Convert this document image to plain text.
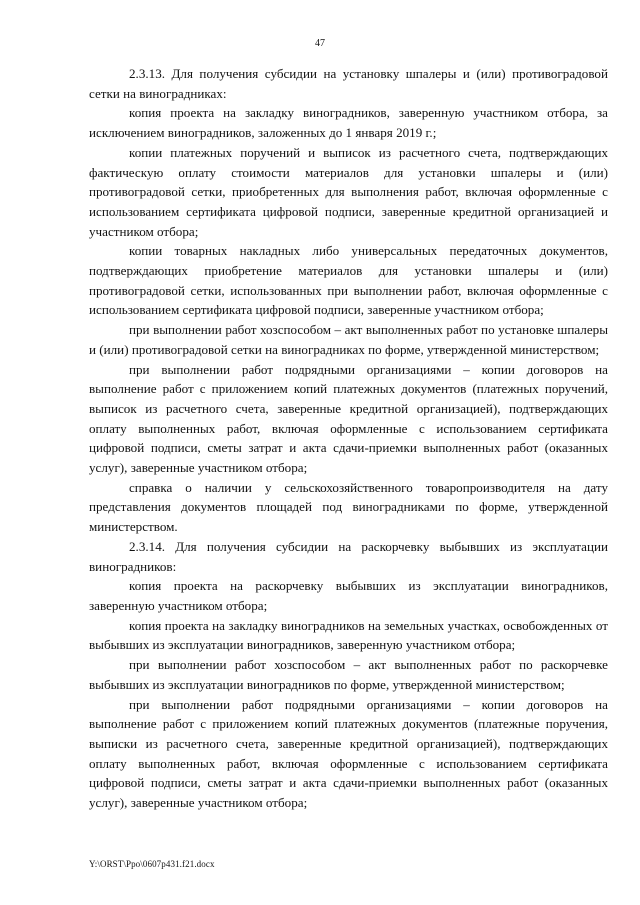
47

2.3.13. Для получения субсидии на установку шпалеры и (или) противоградовой сетки на виноградниках:

копия проекта на закладку виноградников, заверенную участником отбора, за исключением виноградников, заложенных до 1 января 2019 г.;

копии платежных поручений и выписок из расчетного счета, подтверждающих фактическую оплату стоимости материалов для установки шпалеры и (или) противоградовой сетки, приобретенных для выполнения работ, включая оформленные с использованием сертификата цифровой подписи, заверенные кредитной организацией и участником отбора;

копии товарных накладных либо универсальных передаточных документов, подтверждающих приобретение материалов для установки шпалеры и (или) противоградовой сетки, использованных при выполнении работ, включая оформленные с использованием сертификата цифровой подписи, заверенные участником отбора;

при выполнении работ хозспособом – акт выполненных работ по установке шпалеры и (или) противоградовой сетки на виноградниках по форме, утвержденной министерством;

при выполнении работ подрядными организациями – копии договоров на выполнение работ с приложением копий платежных документов (платежных поручений, выписок из расчетного счета, заверенные кредитной организацией), подтверждающих оплату выполненных работ, включая оформленные с использованием сертификата цифровой подписи, сметы затрат и акта сдачи-приемки выполненных работ (оказанных услуг), заверенные участником отбора;

справка о наличии у сельскохозяйственного товаропроизводителя на дату представления документов площадей под виноградниками по форме, утвержденной министерством.

2.3.14. Для получения субсидии на раскорчевку выбывших из эксплуатации виноградников:

копия проекта на раскорчевку выбывших из эксплуатации виноградников, заверенную участником отбора;

копия проекта на закладку виноградников на земельных участках, освобожденных от выбывших из эксплуатации виноградников, заверенную участником отбора;

при выполнении работ хозспособом – акт выполненных работ по раскорчевке выбывших из эксплуатации виноградников по форме, утвержденной министерством;

при выполнении работ подрядными организациями – копии договоров на выполнение работ с приложением копий платежных документов (платежные поручения, выписки из расчетного счета, заверенные кредитной организацией), подтверждающих оплату выполненных работ, включая оформленные с использованием сертификата цифровой подписи, сметы затрат и акта сдачи-приемки выполненных работ (оказанных услуг), заверенные участником отбора;

Y:\ORST\Ppo\0607p431.f21.docx
